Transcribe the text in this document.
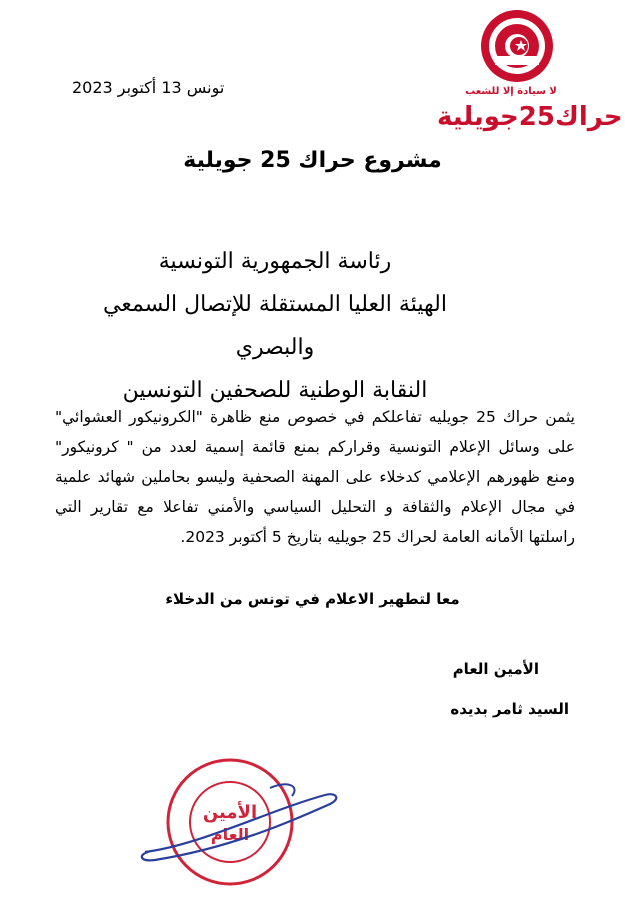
لا سيادة إلا للشعب
حراك25جويلية
تونس 13 أكتوبر 2023
مشروع حراك 25 جويلية
رئاسة الجمهورية التونسية
الهيئة العليا المستقلة للإتصال السمعي والبصري
النقابة الوطنية للصحفين التونسين

يثمن حراك 25 جويليه تفاعلكم في خصوص منع ظاهرة "الكرونيكور العشوائي" على وسائل الإعلام التونسية وقراركم بمنع قائمة إسمية لعدد من " كرونيكور" ومنع ظهورهم الإعلامي كدخلاء على المهنة الصحفية وليسو بحاملين شهائد علمية في مجال الإعلام والثقافة و التحليل السياسي والأمني تفاعلا مع تقارير التي راسلتها الأمانه العامة لحراك 25 جويليه بتاريخ 5 أكتوبر 2023.

معا لتطهير الاعلام في تونس من الدخلاء
الأمين العام
السيد ثامر بديده
الأمين
العام
